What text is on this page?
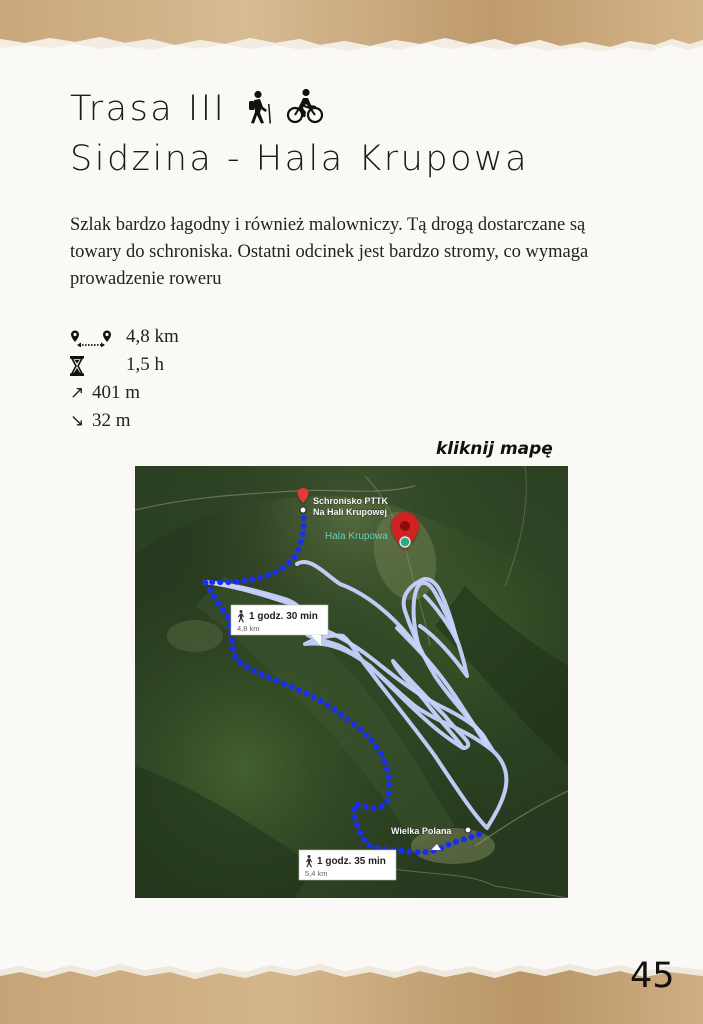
Trasa III
Sidzina - Hala Krupowa

Szlak bardzo łagodny i również malowniczy. Tą drogą dostarczane są towary do schroniska. Ostatni odcinek jest bardzo stromy, co wymaga prowadzenie roweru

4,8 km
1,5 h
↗ 401 m
↘ 32 m
kliknij mapę
Hala Krupowa
Schronisko PTTK
Na Hali Krupowej
Wielka Polana
1 godz. 30 min
4,8 km
1 godz. 35 min
5,4 km

45
